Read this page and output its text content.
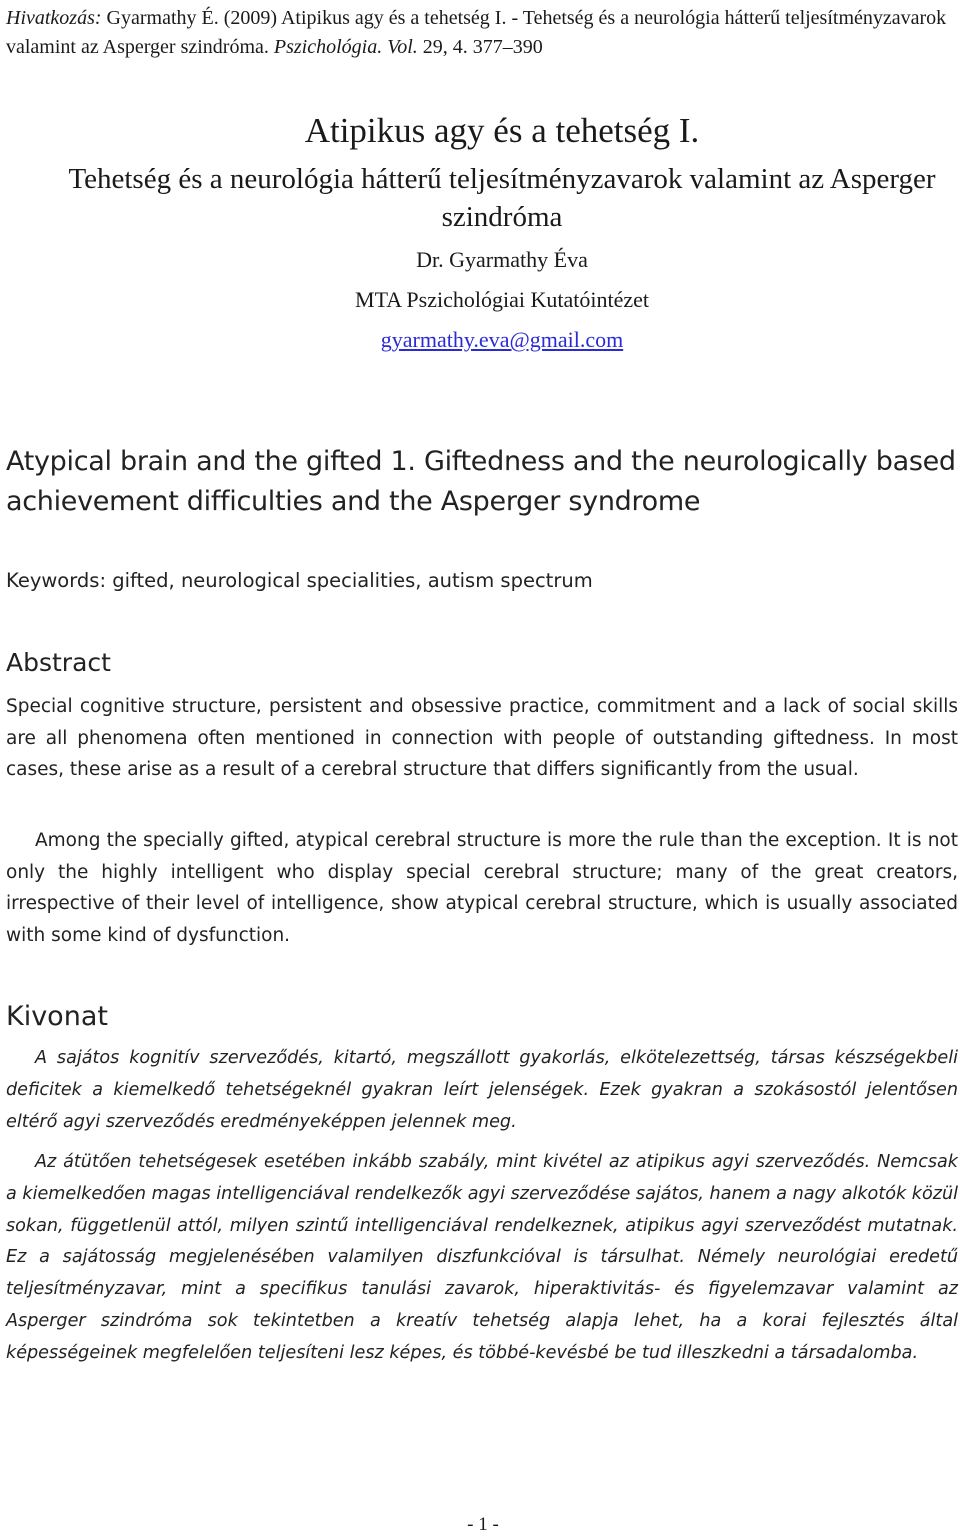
Hivatkozás: Gyarmathy É. (2009) Atipikus agy és a tehetség I. - Tehetség és a neurológia hátterű teljesítményzavarok valamint az Asperger szindróma. Pszichológia. Vol. 29, 4. 377–390
Atipikus agy és a tehetség I.
Tehetség és a neurológia hátterű teljesítményzavarok valamint az Asperger szindróma
Dr. Gyarmathy Éva
MTA Pszichológiai Kutatóintézet
gyarmathy.eva@gmail.com
Atypical brain and the gifted 1. Giftedness and the neurologically based achievement difficulties and the Asperger syndrome
Keywords: gifted, neurological specialities, autism spectrum
Abstract

Special cognitive structure, persistent and obsessive practice, commitment and a lack of social skills are all phenomena often mentioned in connection with people of outstanding giftedness. In most cases, these arise as a result of a cerebral structure that differs significantly from the usual.

Among the specially gifted, atypical cerebral structure is more the rule than the exception. It is not only the highly intelligent who display special cerebral structure; many of the great creators, irrespective of their level of intelligence, show atypical cerebral structure, which is usually associated with some kind of dysfunction.

Kivonat

A sajátos kognitív szerveződés, kitartó, megszállott gyakorlás, elkötelezettség, társas készségekbeli deficitek a kiemelkedő tehetségeknél gyakran leírt jelenségek. Ezek gyakran a szokásostól jelentősen eltérő agyi szerveződés eredményeképpen jelennek meg.

Az átütően tehetségesek esetében inkább szabály, mint kivétel az atipikus agyi szerveződés. Nemcsak a kiemelkedően magas intelligenciával rendelkezők agyi szerveződése sajátos, hanem a nagy alkotók közül sokan, függetlenül attól, milyen szintű intelligenciával rendelkeznek, atipikus agyi szerveződést mutatnak. Ez a sajátosság megjelenésében valamilyen diszfunkcióval is társulhat. Némely neurológiai eredetű teljesítményzavar, mint a specifikus tanulási zavarok, hiperaktivitás- és figyelemzavar valamint az Asperger szindróma sok tekintetben a kreatív tehetség alapja lehet, ha a korai fejlesztés által képességeinek megfelelően teljesíteni lesz képes, és többé-kevésbé be tud illeszkedni a társadalomba.

- 1 -
